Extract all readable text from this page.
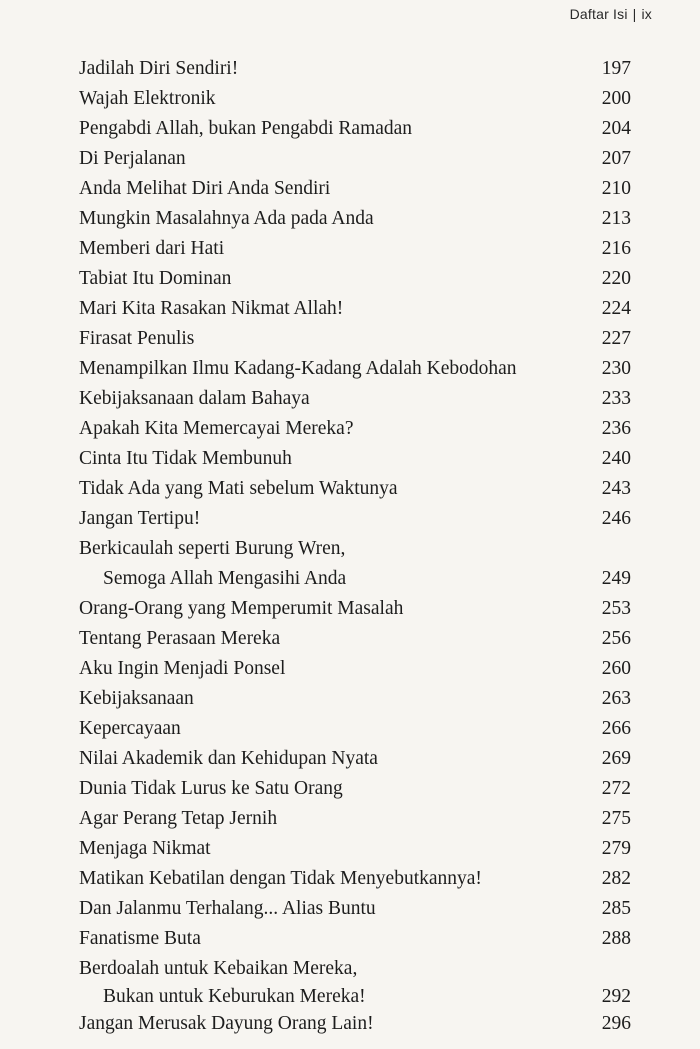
Daftar Isi | ix
Jadilah Diri Sendiri!	197
Wajah Elektronik	200
Pengabdi Allah, bukan Pengabdi Ramadan	204
Di Perjalanan	207
Anda Melihat Diri Anda Sendiri	210
Mungkin Masalahnya Ada pada Anda	213
Memberi dari Hati	216
Tabiat Itu Dominan	220
Mari Kita Rasakan Nikmat Allah!	224
Firasat Penulis	227
Menampilkan Ilmu Kadang-Kadang Adalah Kebodohan	230
Kebijaksanaan dalam Bahaya	233
Apakah Kita Memercayai Mereka?	236
Cinta Itu Tidak Membunuh	240
Tidak Ada yang Mati sebelum Waktunya	243
Jangan Tertipu!	246
Berkicaulah seperti Burung Wren,
Semoga Allah Mengasihi Anda	249
Orang-Orang yang Memperumit Masalah	253
Tentang Perasaan Mereka	256
Aku Ingin Menjadi Ponsel	260
Kebijaksanaan	263
Kepercayaan	266
Nilai Akademik dan Kehidupan Nyata	269
Dunia Tidak Lurus ke Satu Orang	272
Agar Perang Tetap Jernih	275
Menjaga Nikmat	279
Matikan Kebatilan dengan Tidak Menyebutkannya!	282
Dan Jalanmu Terhalang... Alias Buntu	285
Fanatisme Buta	288
Berdoalah untuk Kebaikan Mereka,
Bukan untuk Keburukan Mereka!	292
Jangan Merusak Dayung Orang Lain!	296
